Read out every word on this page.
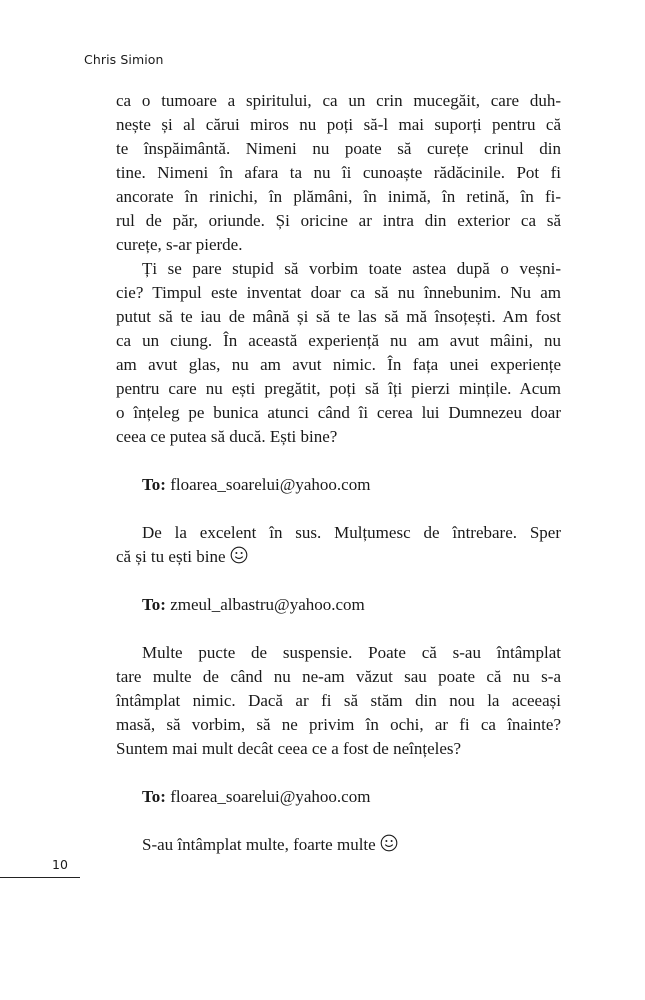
Chris Simion
ca o tumoare a spiritului, ca un crin mucegăit, care duh-
nește și al cărui miros nu poți să-l mai suporți pentru că
te înspăimântă. Nimeni nu poate să curețe crinul din
tine. Nimeni în afara ta nu îi cunoaște rădăcinile. Pot fi
ancorate în rinichi, în plămâni, în inimă, în retină, în fi-
rul de păr, oriunde. Și oricine ar intra din exterior ca să
curețe, s-ar pierde.
Ți se pare stupid să vorbim toate astea după o veșni-
cie? Timpul este inventat doar ca să nu înnebunim. Nu am
putut să te iau de mână și să te las să mă însoțești. Am fost
ca un ciung. În această experiență nu am avut mâini, nu
am avut glas, nu am avut nimic. În fața unei experiențe
pentru care nu ești pregătit, poți să îți pierzi mințile. Acum
o înțeleg pe bunica atunci când îi cerea lui Dumnezeu doar
ceea ce putea să ducă. Ești bine?
To: floarea_soarelui@yahoo.com
De la excelent în sus. Mulțumesc de întrebare. Sper
că și tu ești bine
To: zmeul_albastru@yahoo.com
Multe pucte de suspensie. Poate că s-au întâmplat
tare multe de când nu ne-am văzut sau poate că nu s-a
întâmplat nimic. Dacă ar fi să stăm din nou la aceeași
masă, să vorbim, să ne privim în ochi, ar fi ca înainte?
Suntem mai mult decât ceea ce a fost de neînțeles?
To: floarea_soarelui@yahoo.com
S-au întâmplat multe, foarte multe
10
